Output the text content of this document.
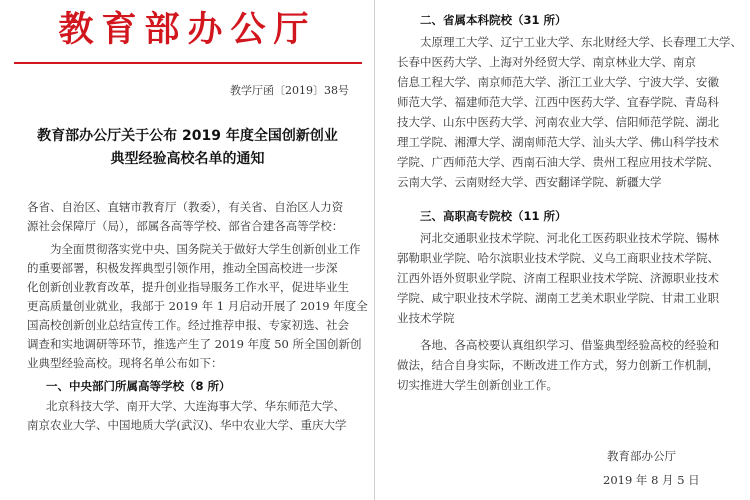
教育部办公厅
教学厅函〔2019〕38号
教育部办公厅关于公布 2019 年度全国创新创业
典型经验高校名单的通知
各省、自治区、直辖市教育厅（教委），有关省、自治区人力资
源社会保障厅（局），部属各高等学校、部省合建各高等学校：
为全面贯彻落实党中央、国务院关于做好大学生创新创业工作
的重要部署，积极发挥典型引领作用，推动全国高校进一步深
化创新创业教育改革，提升创业指导服务工作水平，促进毕业生
更高质量创业就业，我部于 2019 年 1 月启动开展了 2019 年度全
国高校创新创业总结宣传工作。经过推荐申报、专家初选、社会
调查和实地调研等环节，推选产生了 2019 年度 50 所全国创新创
业典型经验高校。现将名单公布如下：
一、中央部门所属高等学校（8 所）
北京科技大学、南开大学、大连海事大学、华东师范大学、
南京农业大学、中国地质大学(武汉)、华中农业大学、重庆大学
二、省属本科院校（31 所）
太原理工大学、辽宁工业大学、东北财经大学、长春理工大学、
长春中医药大学、上海对外经贸大学、南京林业大学、南京
信息工程大学、南京师范大学、浙江工业大学、宁波大学、安徽
师范大学、福建师范大学、江西中医药大学、宜春学院、青岛科
技大学、山东中医药大学、河南农业大学、信阳师范学院、湖北
理工学院、湘潭大学、湖南师范大学、汕头大学、佛山科学技术
学院、广西师范大学、西南石油大学、贵州工程应用技术学院、
云南大学、云南财经大学、西安翻译学院、新疆大学
三、高职高专院校（11 所）
河北交通职业技术学院、河北化工医药职业技术学院、锡林
郭勒职业学院、哈尔滨职业技术学院、义乌工商职业技术学院、
江西外语外贸职业学院、济南工程职业技术学院、济源职业技术
学院、咸宁职业技术学院、湖南工艺美术职业学院、甘肃工业职
业技术学院
各地、各高校要认真组织学习、借鉴典型经验高校的经验和
做法，结合自身实际，不断改进工作方式，努力创新工作机制，
切实推进大学生创新创业工作。
教育部办公厅
2019 年 8 月 5 日
